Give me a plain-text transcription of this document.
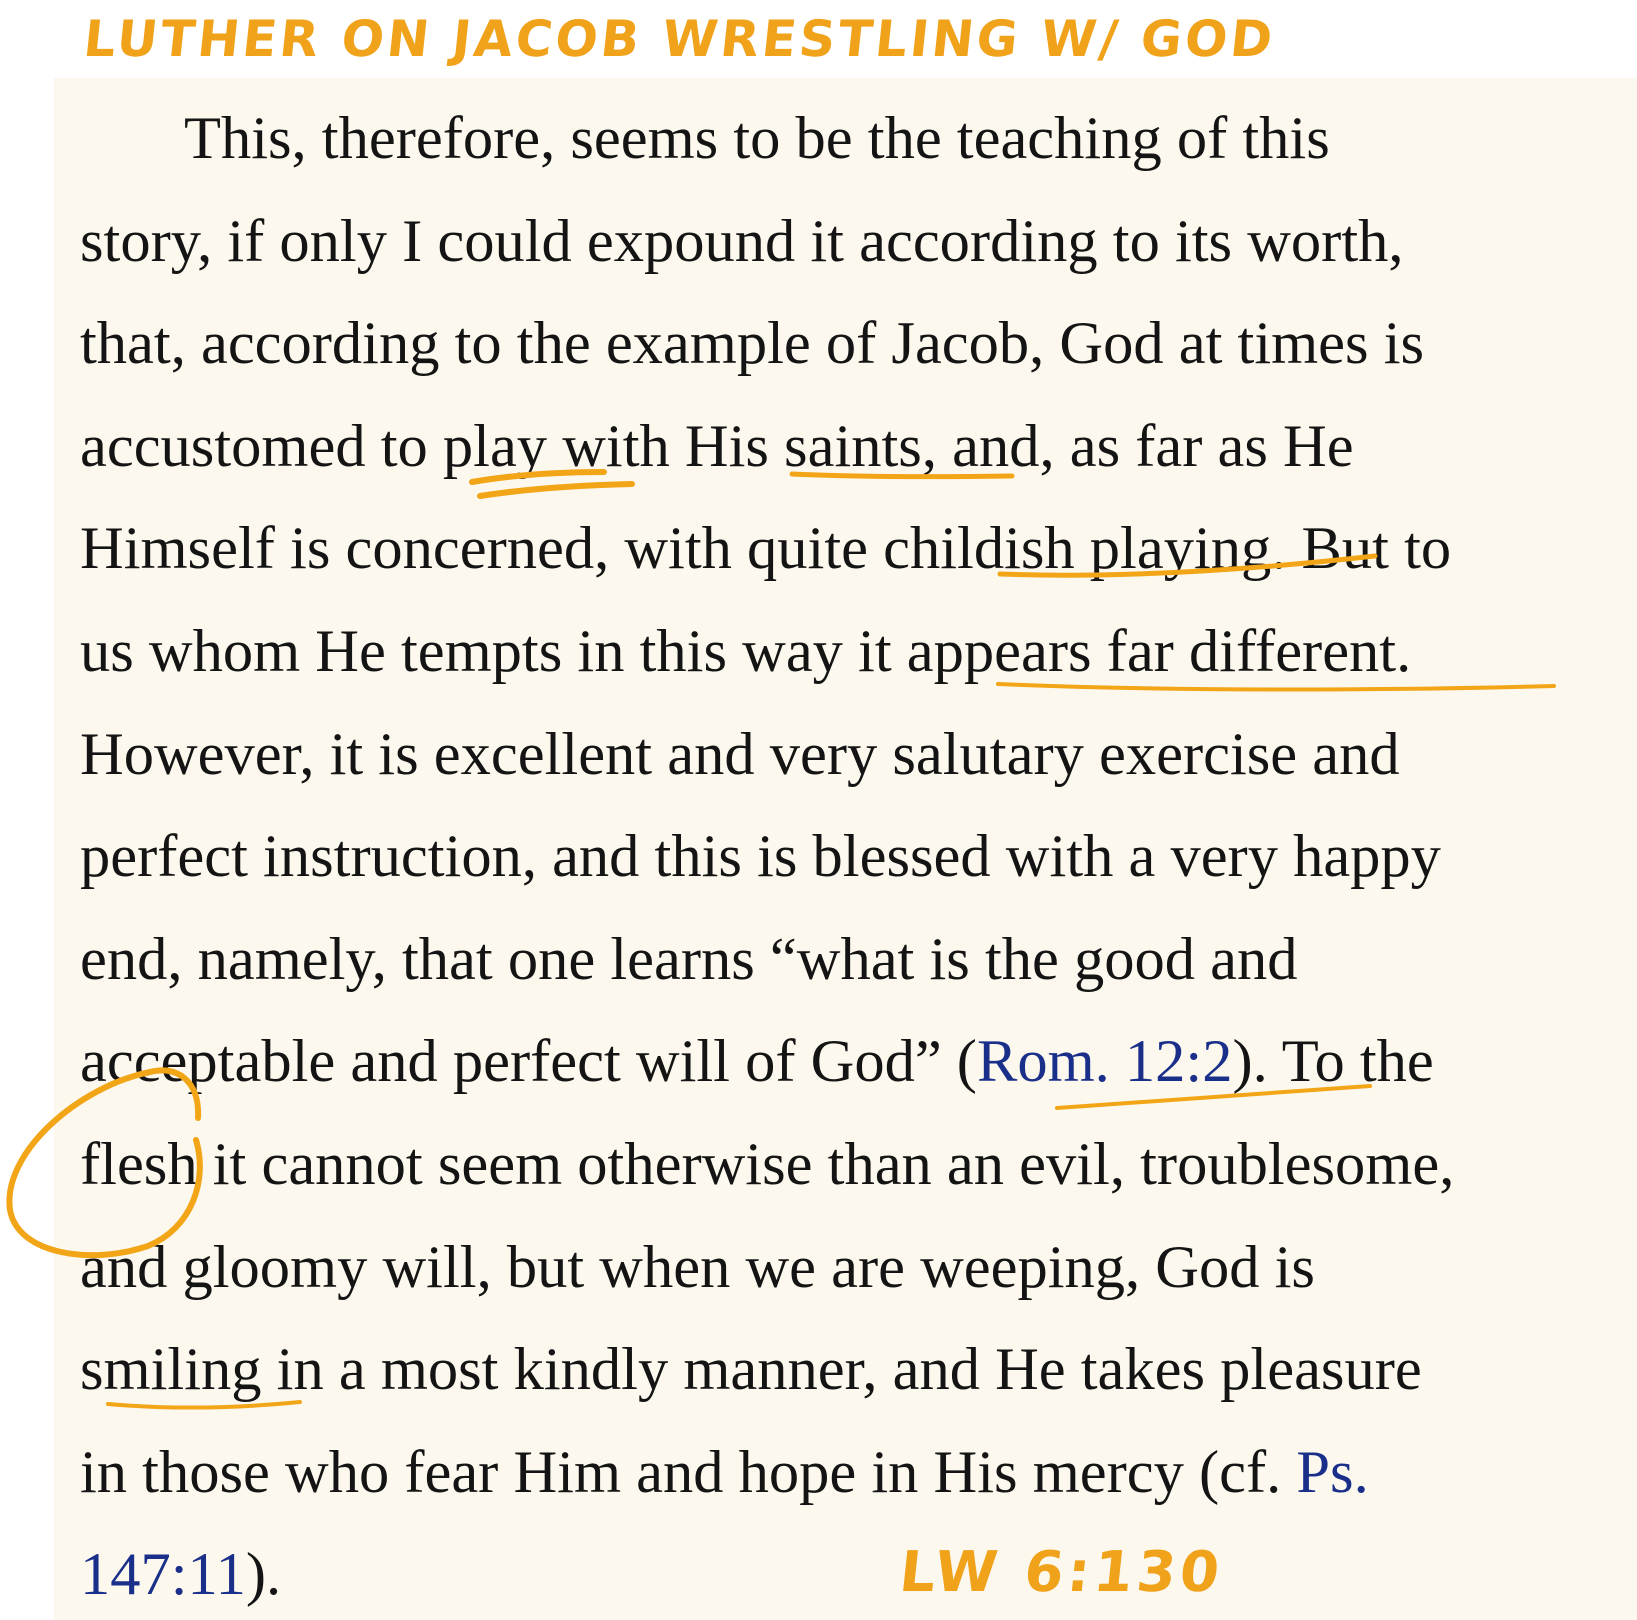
LUTHER ON JACOB WRESTLING W/ GOD

This, therefore, seems to be the teaching of this
story, if only I could expound it according to its worth,
that, according to the example of Jacob, God at times is
accustomed to play with His saints, and, as far as He
Himself is concerned, with quite childish playing. But to
us whom He tempts in this way it appears far different.
However, it is excellent and very salutary exercise and
perfect instruction, and this is blessed with a very happy
end, namely, that one learns “what is the good and
acceptable and perfect will of God” (Rom. 12:2). To the
flesh it cannot seem otherwise than an evil, troublesome,
and gloomy will, but when we are weeping, God is
smiling in a most kindly manner, and He takes pleasure
in those who fear Him and hope in His mercy (cf. Ps.
147:11).	LW 6:130
